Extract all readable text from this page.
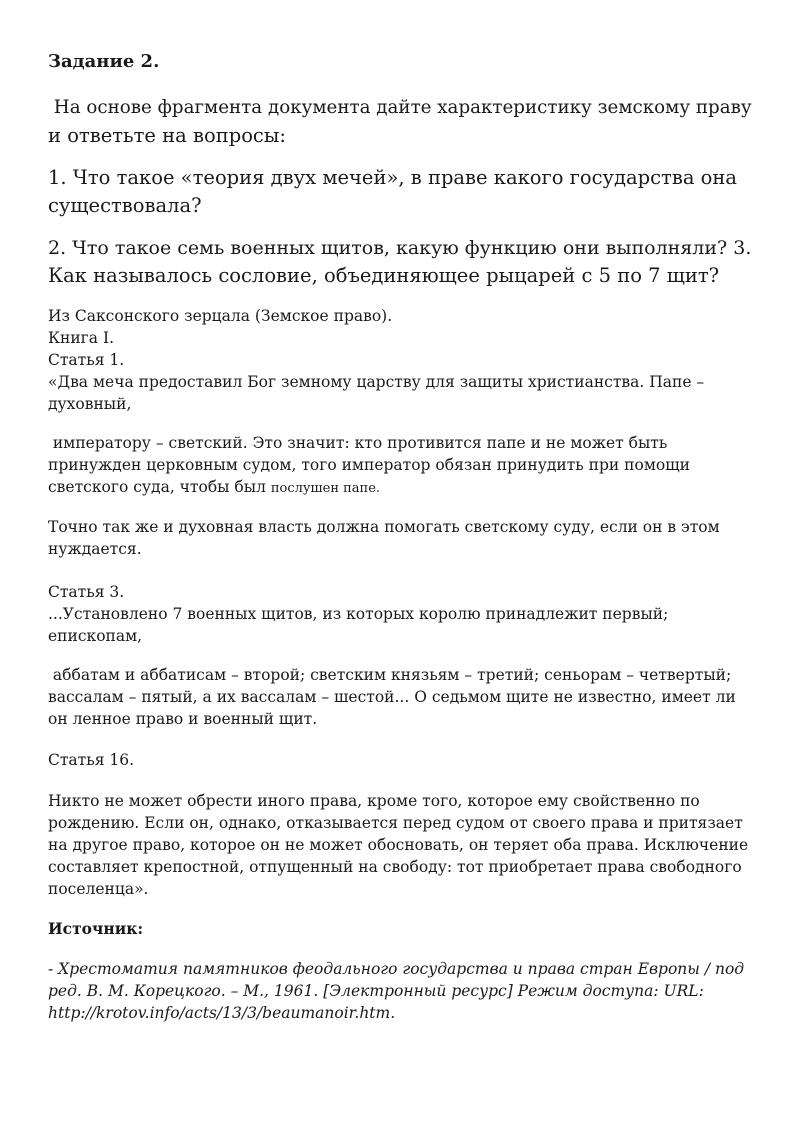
Задание 2.
На основе фрагмента документа дайте характеристику земскому праву
и ответьте на вопросы:
1. Что такое «теория двух мечей», в праве какого государства она
существовала?
2. Что такое семь военных щитов, какую функцию они выполняли? 3.
Как называлось сословие, объединяющее рыцарей с 5 по 7 щит?
Из Саксонского зерцала (Земское право).
Книга I.
Статья 1.
«Два меча предоставил Бог земному царству для защиты христианства. Папе –
духовный,
императору – светский. Это значит: кто противится папе и не может быть
принужден церковным судом, того император обязан принудить при помощи
светского суда, чтобы был послушен папе.
Точно так же и духовная власть должна помогать светскому суду, если он в этом
нуждается.
Статья 3.
...Установлено 7 военных щитов, из которых королю принадлежит первый;
епископам,
аббатам и аббатисам – второй; светским князьям – третий; сеньорам – четвертый;
вассалам – пятый, а их вассалам – шестой... О седьмом щите не известно, имеет ли
он ленное право и военный щит.
Статья 16.
Никто не может обрести иного права, кроме того, которое ему свойственно по
рождению. Если он, однако, отказывается перед судом от своего права и притязает
на другое право, которое он не может обосновать, он теряет оба права. Исключение
составляет крепостной, отпущенный на свободу: тот приобретает права свободного
поселенца».
Источник:
- Хрестоматия памятников феодального государства и права стран Европы / под
ред. В. М. Корецкого. – М., 1961. [Электронный ресурс] Режим доступа: URL:
http://krotov.info/acts/13/3/beaumanoir.htm.
